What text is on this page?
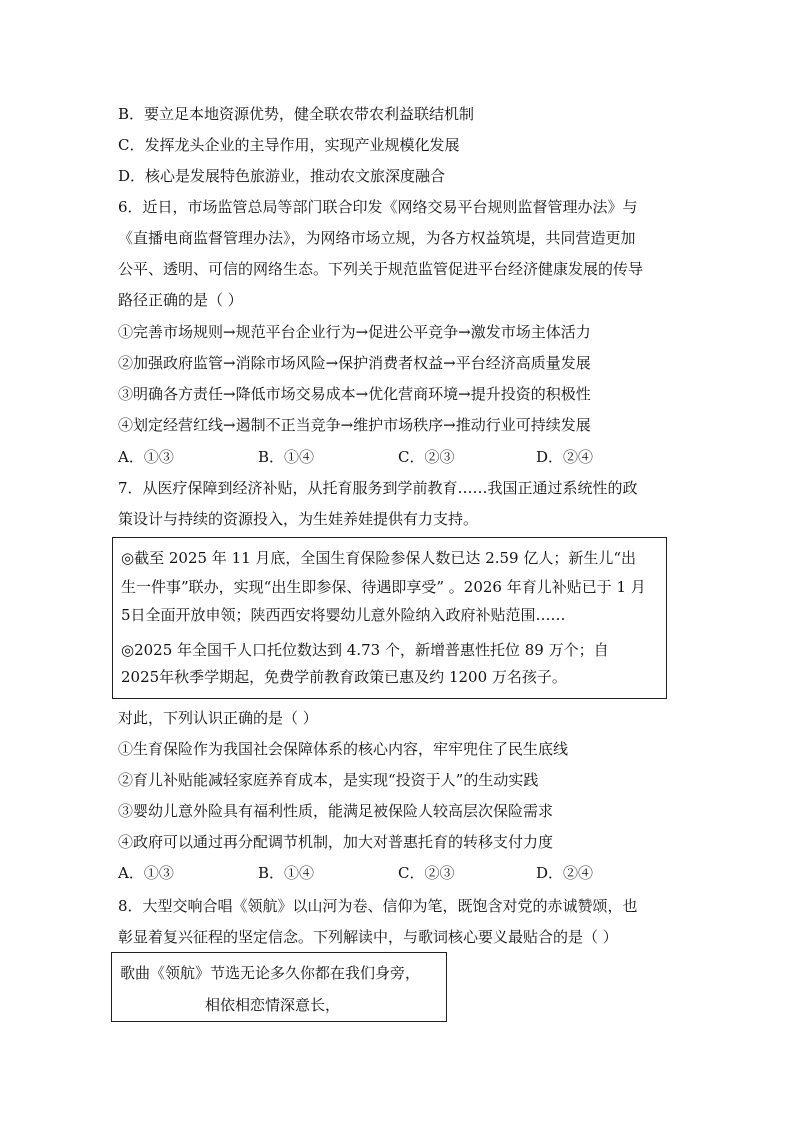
B．要立足本地资源优势，健全联农带农利益联结机制
C．发挥龙头企业的主导作用，实现产业规模化发展
D．核心是发展特色旅游业，推动农文旅深度融合
6．近日，市场监管总局等部门联合印发《网络交易平台规则监督管理办法》与
《直播电商监督管理办法》，为网络市场立规，为各方权益筑堤，共同营造更加
公平、透明、可信的网络生态。下列关于规范监管促进平台经济健康发展的传导
路径正确的是（ ）
①完善市场规则→规范平台企业行为→促进公平竞争→激发市场主体活力
②加强政府监管→消除市场风险→保护消费者权益→平台经济高质量发展
③明确各方责任→降低市场交易成本→优化营商环境→提升投资的积极性
④划定经营红线→遏制不正当竞争→维护市场秩序→推动行业可持续发展
A．①③	B．①④	C．②③	D．②④
7．从医疗保障到经济补贴，从托育服务到学前教育……我国正通过系统性的政
策设计与持续的资源投入，为生娃养娃提供有力支持。
◎截至 2025 年 11 月底，全国生育保险参保人数已达 2.59 亿人；新生儿“出
生一件事”联办，实现“出生即参保、待遇即享受” 。2026 年育儿补贴已于 1 月
5日全面开放申领；陕西西安将婴幼儿意外险纳入政府补贴范围……
◎2025 年全国千人口托位数达到 4.73 个，新增普惠性托位 89 万个；自
2025年秋季学期起，免费学前教育政策已惠及约 1200 万名孩子。
对此，下列认识正确的是（ ）
①生育保险作为我国社会保障体系的核心内容，牢牢兜住了民生底线
②育儿补贴能减轻家庭养育成本，是实现“投资于人”的生动实践
③婴幼儿意外险具有福利性质，能满足被保险人较高层次保险需求
④政府可以通过再分配调节机制，加大对普惠托育的转移支付力度
A．①③	B．①④	C．②③	D．②④
8．大型交响合唱《领航》以山河为卷、信仰为笔，既饱含对党的赤诚赞颂，也
彰显着复兴征程的坚定信念。下列解读中，与歌词核心要义最贴合的是（ ）
歌曲《领航》节选无论多久你都在我们身旁，
相依相恋情深意长，
